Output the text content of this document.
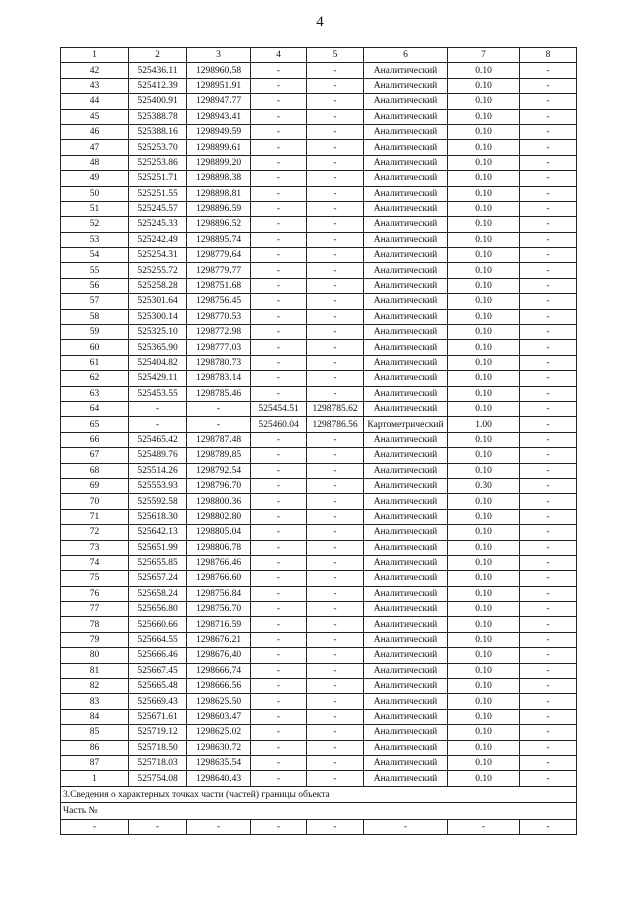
4
1	2	3	4	5	6	7	8
42	525436.11	1298960.58	-	-	Аналитический	0.10	-
43	525412.39	1298951.91	-	-	Аналитический	0.10	-
44	525400.91	1298947.77	-	-	Аналитический	0.10	-
45	525388.78	1298943.41	-	-	Аналитический	0.10	-
46	525388.16	1298949.59	-	-	Аналитический	0.10	-
47	525253.70	1298899.61	-	-	Аналитический	0.10	-
48	525253.86	1298899.20	-	-	Аналитический	0.10	-
49	525251.71	1298898.38	-	-	Аналитический	0.10	-
50	525251.55	1298898.81	-	-	Аналитический	0.10	-
51	525245.57	1298896.59	-	-	Аналитический	0.10	-
52	525245.33	1298896.52	-	-	Аналитический	0.10	-
53	525242.49	1298895.74	-	-	Аналитический	0.10	-
54	525254.31	1298779.64	-	-	Аналитический	0.10	-
55	525255.72	1298779.77	-	-	Аналитический	0.10	-
56	525258.28	1298751.68	-	-	Аналитический	0.10	-
57	525301.64	1298756.45	-	-	Аналитический	0.10	-
58	525300.14	1298770.53	-	-	Аналитический	0.10	-
59	525325.10	1298772.98	-	-	Аналитический	0.10	-
60	525365.90	1298777.03	-	-	Аналитический	0.10	-
61	525404.82	1298780.73	-	-	Аналитический	0.10	-
62	525429.11	1298783.14	-	-	Аналитический	0.10	-
63	525453.55	1298785.46	-	-	Аналитический	0.10	-
64	-	-	525454.51	1298785.62	Аналитический	0.10	-
65	-	-	525460.04	1298786.56	Картометрический	1.00	-
66	525465.42	1298787.48	-	-	Аналитический	0.10	-
67	525489.76	1298789.85	-	-	Аналитический	0.10	-
68	525514.26	1298792.54	-	-	Аналитический	0.10	-
69	525553.93	1298796.70	-	-	Аналитический	0.30	-
70	525592.58	1298800.36	-	-	Аналитический	0.10	-
71	525618.30	1298802.80	-	-	Аналитический	0.10	-
72	525642.13	1298805.04	-	-	Аналитический	0.10	-
73	525651.99	1298806.78	-	-	Аналитический	0.10	-
74	525655.85	1298766.46	-	-	Аналитический	0.10	-
75	525657.24	1298766.60	-	-	Аналитический	0.10	-
76	525658.24	1298756.84	-	-	Аналитический	0.10	-
77	525656.80	1298756.70	-	-	Аналитический	0.10	-
78	525660.66	1298716.59	-	-	Аналитический	0.10	-
79	525664.55	1298676.21	-	-	Аналитический	0.10	-
80	525666.46	1298676.40	-	-	Аналитический	0.10	-
81	525667.45	1298666.74	-	-	Аналитический	0.10	-
82	525665.48	1298666.56	-	-	Аналитический	0.10	-
83	525669.43	1298625.50	-	-	Аналитический	0.10	-
84	525671.61	1298603.47	-	-	Аналитический	0.10	-
85	525719.12	1298625.02	-	-	Аналитический	0.10	-
86	525718.50	1298630.72	-	-	Аналитический	0.10	-
87	525718.03	1298635.54	-	-	Аналитический	0.10	-
1	525754.08	1298640.43	-	-	Аналитический	0.10	-
3.Сведения о характерных точках части (частей) границы объекта							
Часть №							
-	-	-	-	-	-	-	-
